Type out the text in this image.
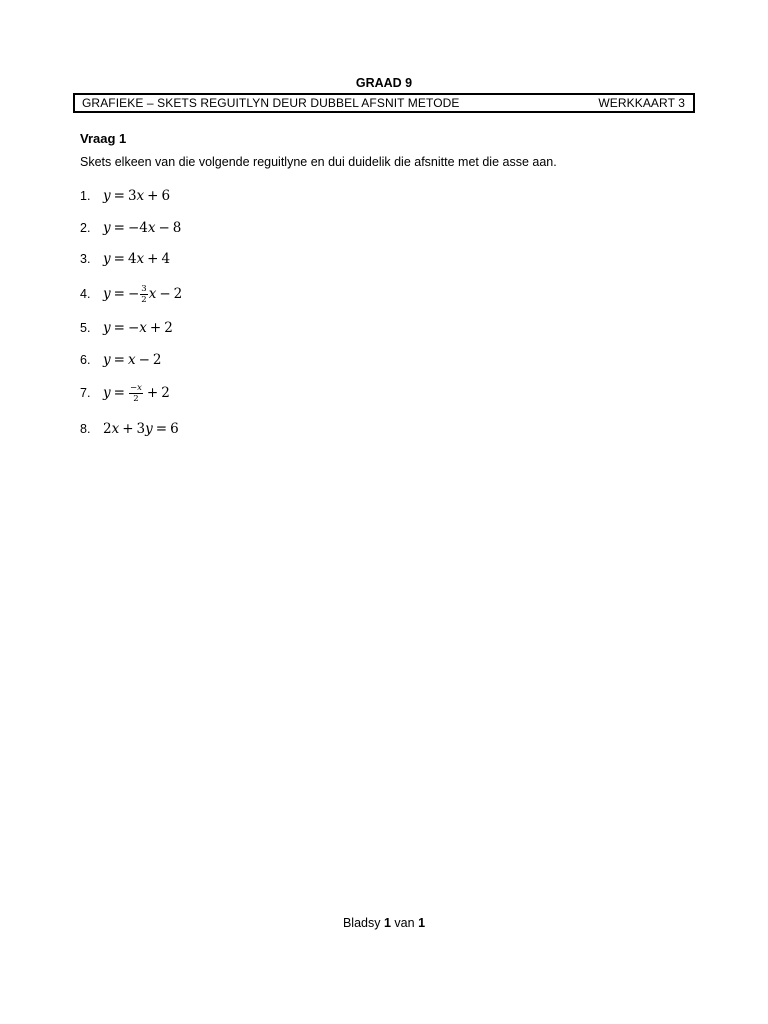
GRAAD 9
GRAFIEKE – SKETS REGUITLYN DEUR DUBBEL AFSNIT METODE	WERKKAART 3
Vraag 1
Skets elkeen van die volgende reguitlyne en dui duidelik die afsnitte met die asse aan.
1. y = 3 x + 6
2. y = − 4 x − 8
3. y = 4 x + 4
4. y = − $\frac{3}{2}$ x − 2
5. y = − x + 2
6. y = x − 2
7. $y = \frac{-x}{2} + 2$
8. 2 x + 3 y = 6
Bladsy 1 van 1
